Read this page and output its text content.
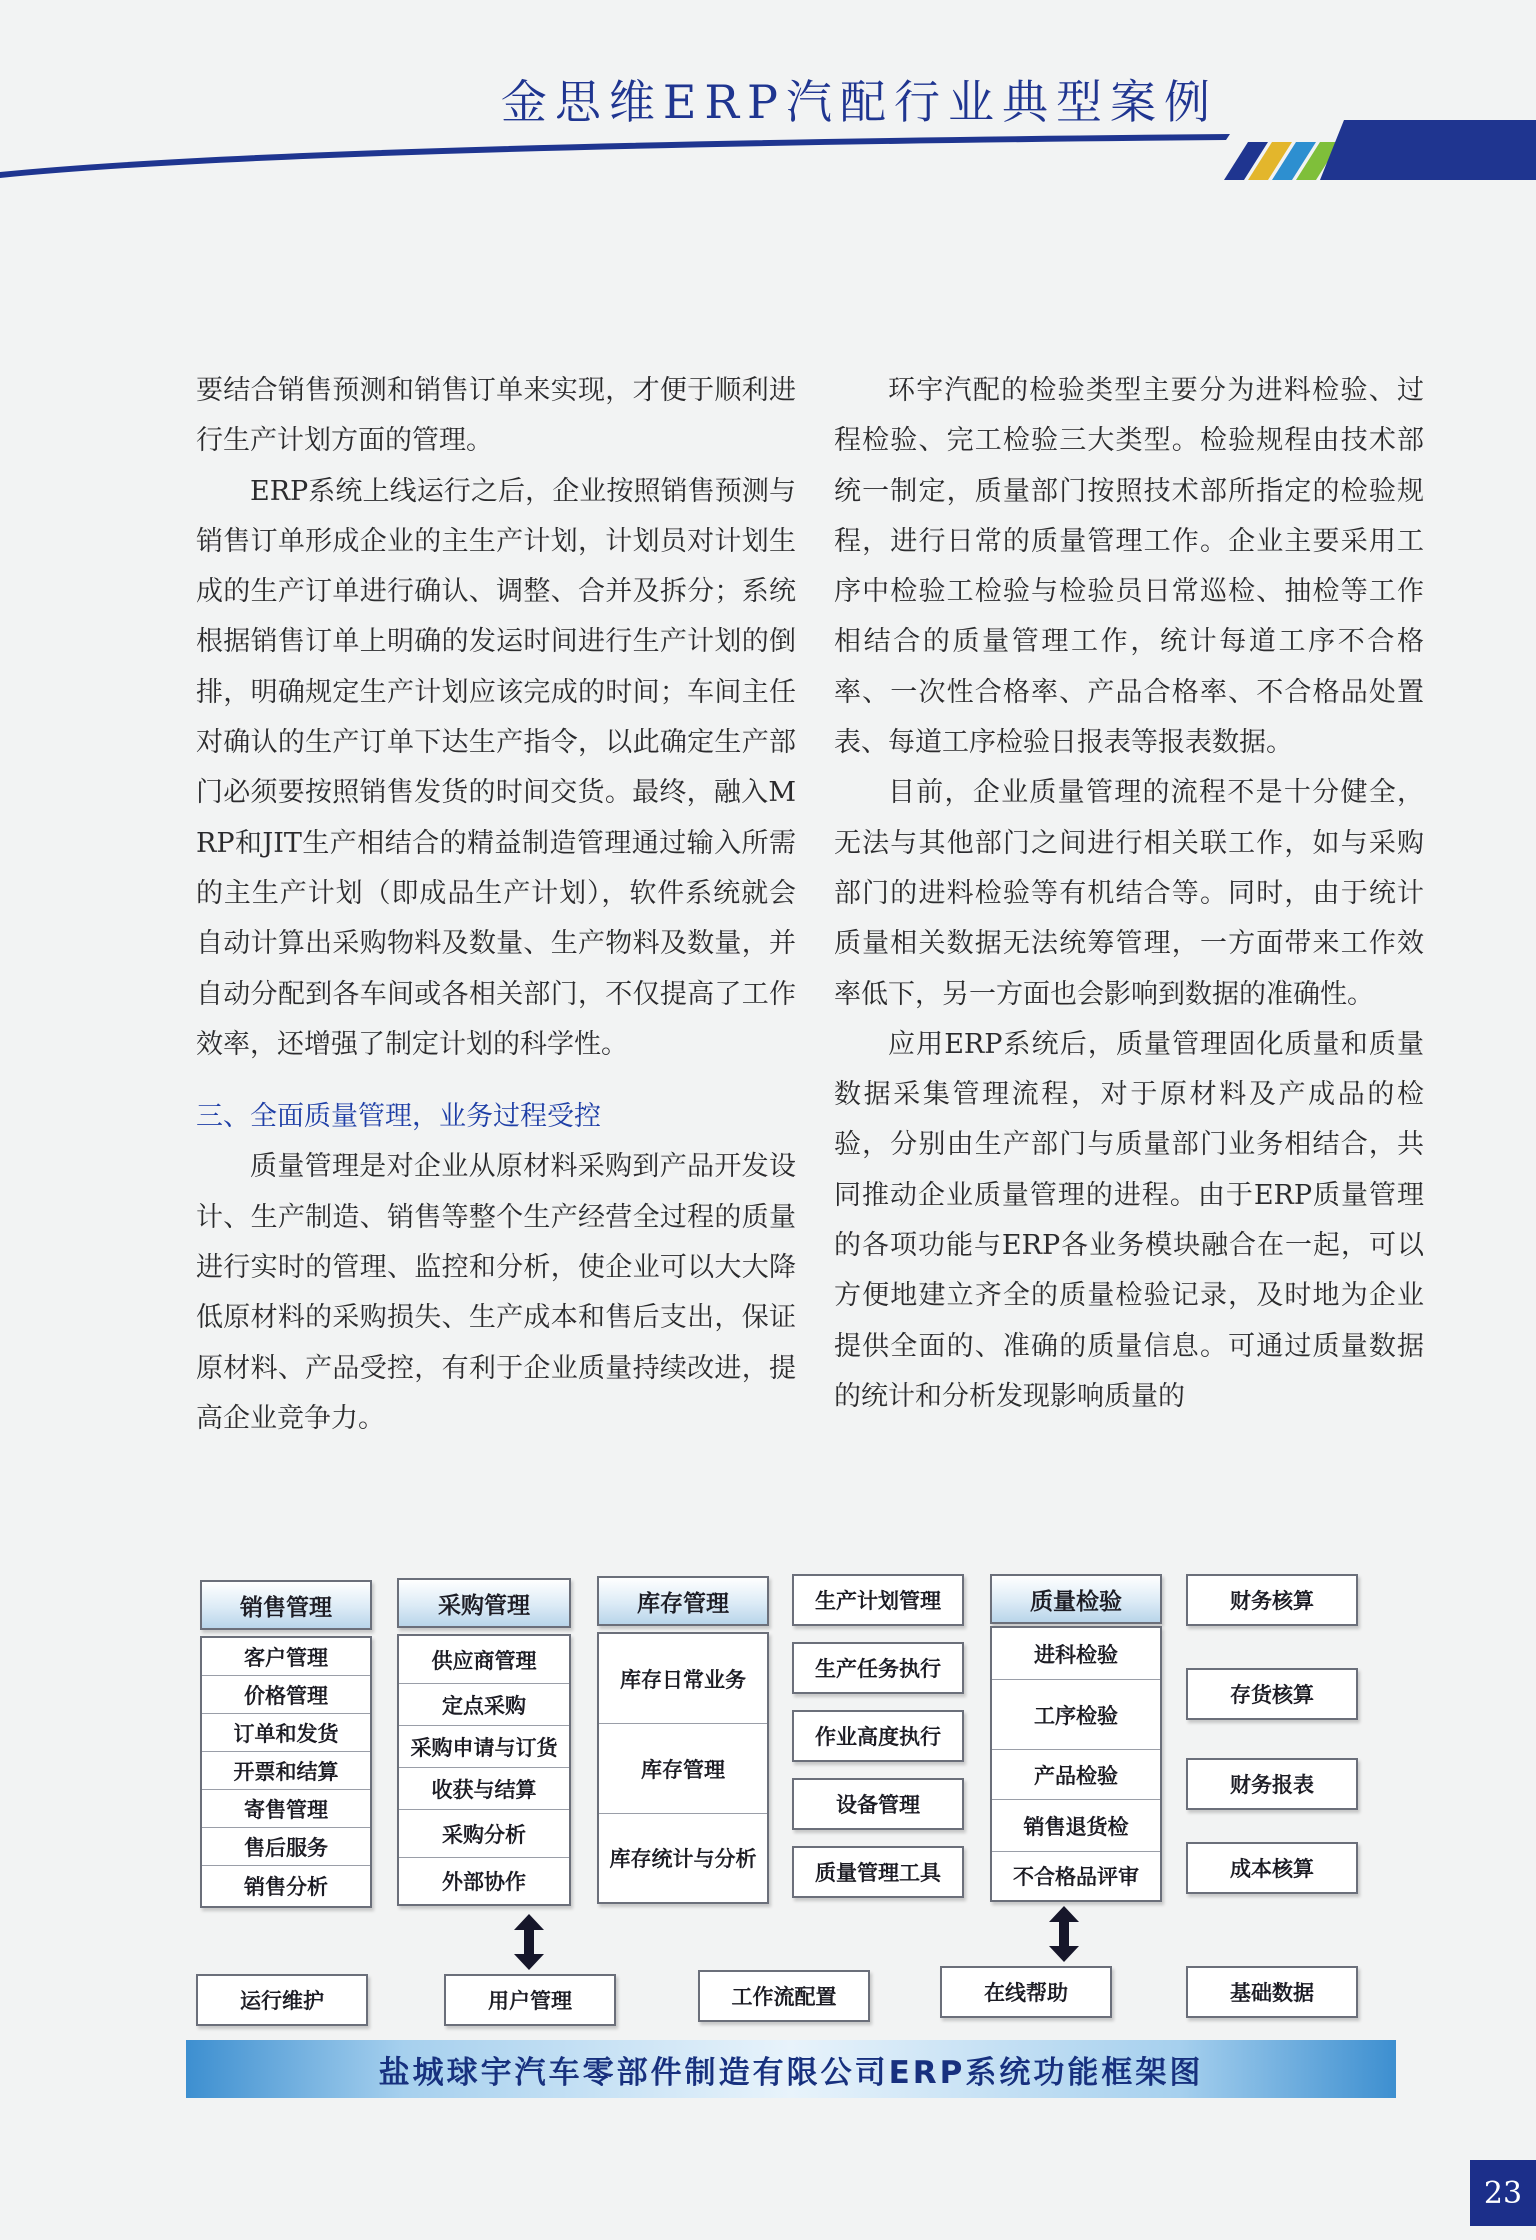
金思维ERP汽配行业典型案例

要结合销售预测和销售订单来实现，才便于顺利进行生产计划方面的管理。

ERP系统上线运行之后，企业按照销售预测与销售订单形成企业的主生产计划，计划员对计划生成的生产订单进行确认、调整、合并及拆分；系统根据销售订单上明确的发运时间进行生产计划的倒排，明确规定生产计划应该完成的时间；车间主任对确认的生产订单下达生产指令，以此确定生产部门必须要按照销售发货的时间交货。最终，融入MRP和JIT生产相结合的精益制造管理通过输入所需的主生产计划（即成品生产计划），软件系统就会自动计算出采购物料及数量、生产物料及数量，并自动分配到各车间或各相关部门，不仅提高了工作效率，还增强了制定计划的科学性。

三、全面质量管理，业务过程受控

质量管理是对企业从原材料采购到产品开发设计、生产制造、销售等整个生产经营全过程的质量进行实时的管理、监控和分析，使企业可以大大降低原材料的采购损失、生产成本和售后支出，保证原材料、产品受控，有利于企业质量持续改进，提高企业竞争力。

环宇汽配的检验类型主要分为进料检验、过程检验、完工检验三大类型。检验规程由技术部统一制定，质量部门按照技术部所指定的检验规程，进行日常的质量管理工作。企业主要采用工序中检验工检验与检验员日常巡检、抽检等工作相结合的质量管理工作，统计每道工序不合格率、一次性合格率、产品合格率、不合格品处置表、每道工序检验日报表等报表数据。

目前，企业质量管理的流程不是十分健全，无法与其他部门之间进行相关联工作，如与采购部门的进料检验等有机结合等。同时，由于统计质量相关数据无法统筹管理，一方面带来工作效率低下，另一方面也会影响到数据的准确性。

应用ERP系统后，质量管理固化质量和质量数据采集管理流程，对于原材料及产成品的检验，分别由生产部门与质量部门业务相结合，共同推动企业质量管理的进程。由于ERP质量管理的各项功能与ERP各业务模块融合在一起，可以方便地建立齐全的质量检验记录，及时地为企业提供全面的、准确的质量信息。可通过质量数据的统计和分析发现影响质量的

销售管理
客户管理
价格管理
订单和发货
开票和结算
寄售管理
售后服务
销售分析
采购管理
供应商管理
定点采购
采购申请与订货
收获与结算
采购分析
外部协作
库存管理
库存日常业务
库存管理
库存统计与分析
生产计划管理
生产任务执行
作业高度执行
设备管理
质量管理工具
质量检验
进科检验
工序检验
产品检验
销售退货检
不合格品评审
财务核算
存货核算
财务报表
成本核算
运行维护	用户管理	工作流配置	在线帮助	基础数据
盐城球宇汽车零部件制造有限公司ERP系统功能框架图
23
